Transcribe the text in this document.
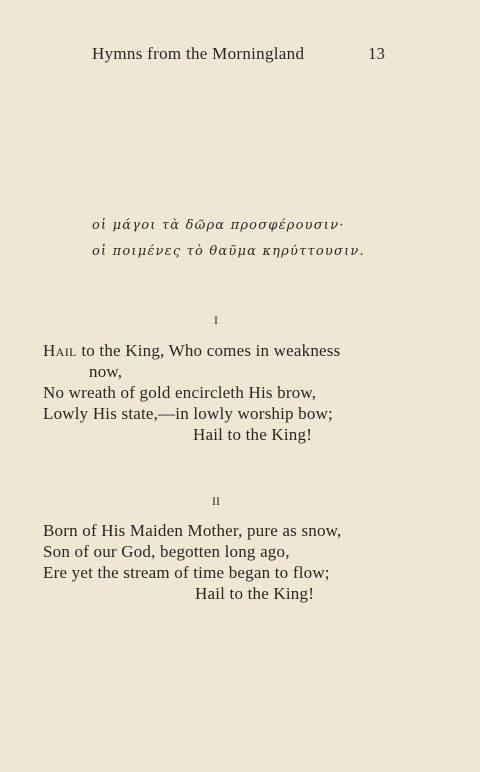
Hymns from the Morningland	13
οἱ μάγοι τὰ δῶρα προσφέρουσιν·
οἱ ποιμένες τὸ θαῦμα κηρύττουσιν.
I
Hail to the King, Who comes in weakness
now,
No wreath of gold encircleth His brow,
Lowly His state,—in lowly worship bow;
Hail to the King!
II
Born of His Maiden Mother, pure as snow,
Son of our God, begotten long ago,
Ere yet the stream of time began to flow;
Hail to the King!
